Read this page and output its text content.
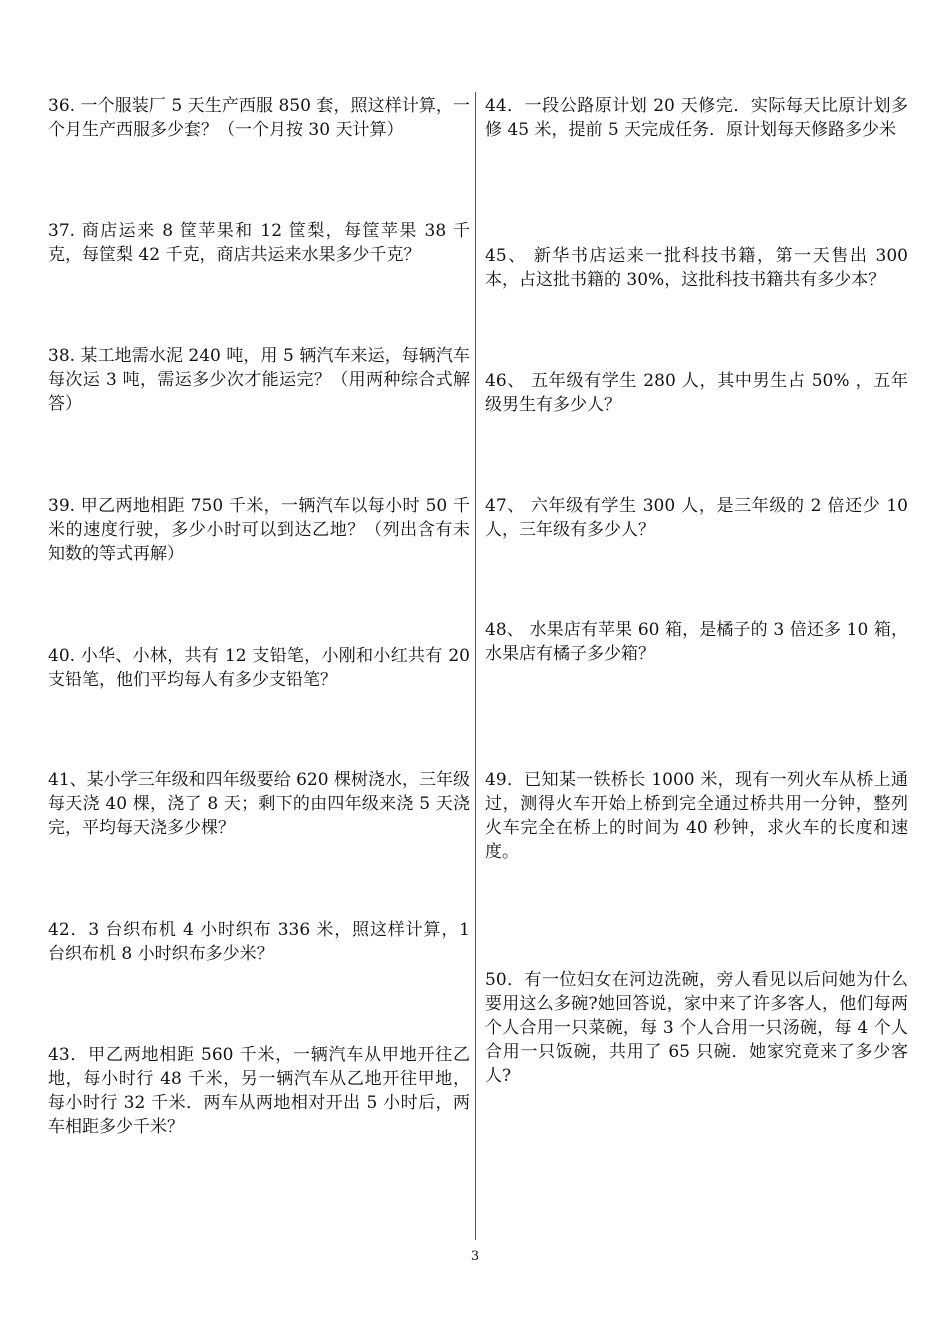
36. 一个服装厂 5 天生产西服 850 套，照这样计算，一个月生产西服多少套？（一个月按 30 天计算）

37. 商店运来 8 筐苹果和 12 筐梨，每筐苹果 38 千克，每筐梨 42 千克，商店共运来水果多少千克？

38. 某工地需水泥 240 吨，用 5 辆汽车来运，每辆汽车每次运 3 吨，需运多少次才能运完？（用两种综合式解答）

39. 甲乙两地相距 750 千米，一辆汽车以每小时 50 千米的速度行驶，多少小时可以到达乙地？（列出含有未知数的等式再解）

40. 小华、小林，共有 12 支铅笔，小刚和小红共有 20 支铅笔，他们平均每人有多少支铅笔？

41、某小学三年级和四年级要给 620 棵树浇水，三年级每天浇 40 棵，浇了 8 天；剩下的由四年级来浇 5 天浇完，平均每天浇多少棵？

42．3 台织布机 4 小时织布 336 米，照这样计算，1 台织布机 8 小时织布多少米？

43．甲乙两地相距 560 千米，一辆汽车从甲地开往乙地，每小时行 48 千米，另一辆汽车从乙地开往甲地，每小时行 32 千米．两车从两地相对开出 5 小时后，两车相距多少千米？

44．一段公路原计划 20 天修完．实际每天比原计划多修 45 米，提前 5 天完成任务．原计划每天修路多少米

45、 新华书店运来一批科技书籍，第一天售出 300 本，占这批书籍的 30%，这批科技书籍共有多少本？

46、 五年级有学生 280 人，其中男生占 50% ，五年级男生有多少人？

47、 六年级有学生 300 人，是三年级的 2 倍还少 10 人，三年级有多少人？

48、 水果店有苹果 60 箱，是橘子的 3 倍还多 10 箱，水果店有橘子多少箱？

49．已知某一铁桥长 1000 米，现有一列火车从桥上通过，测得火车开始上桥到完全通过桥共用一分钟，整列火车完全在桥上的时间为 40 秒钟，求火车的长度和速度。

50．有一位妇女在河边洗碗，旁人看见以后问她为什么要用这么多碗?她回答说，家中来了许多客人，他们每两个人合用一只菜碗，每 3 个人合用一只汤碗，每 4 个人合用一只饭碗，共用了 65 只碗．她家究竟来了多少客人?

3
